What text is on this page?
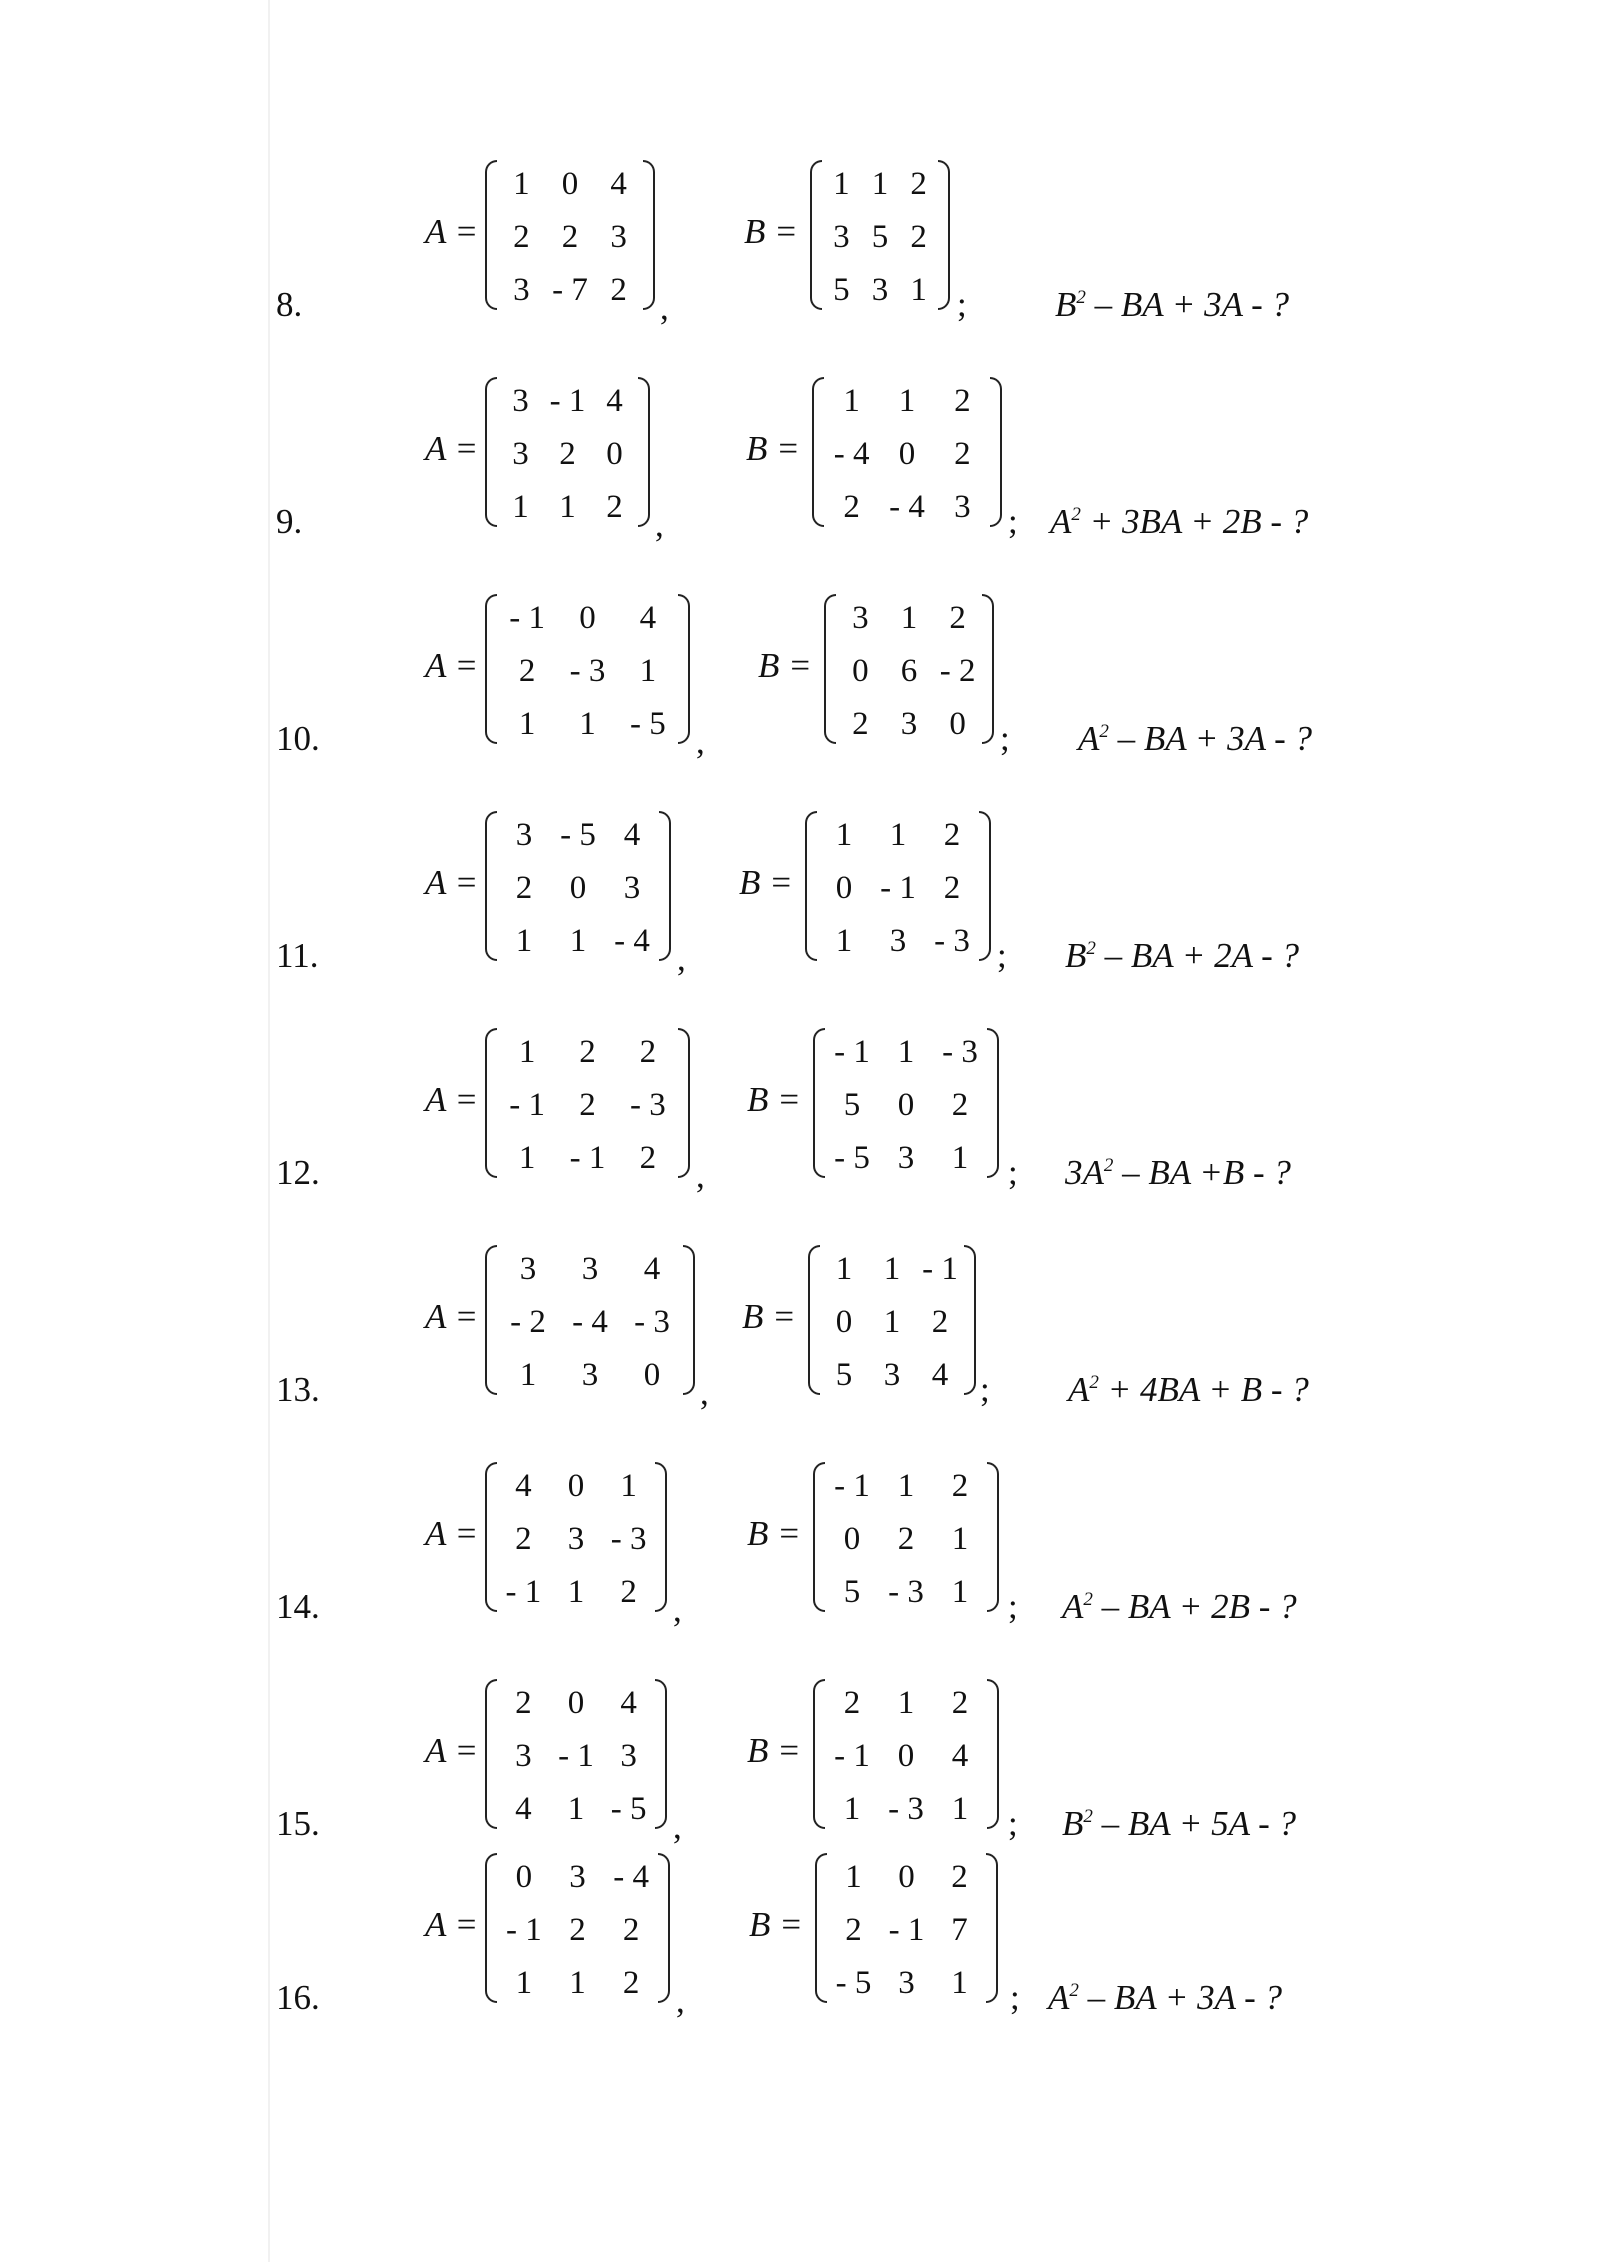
8.
A =
1 0 4
2 2 3
3 - 7 2 ,
B =
1 1 2
3 5 2
5 3 1 ;	$B^2$ – BA + 3A - ?
9.
A =
3 - 1 4
3 2 0
1 1 2 ,
B =
1	1	2
- 4 0	2
2 - 4 3	; $A^2 + 3BA + 2B$ - ?
10.
A =
- 1	0	4
2	- 3	1
1	1	- 5 ,
B =
3 1 2
0 6 - 2
2 3 0 ; $A^2$ – BA + 3A - ?
11.
A =
3 - 5 4
2	0	3
1	1 - 4 ,
B =
1	1	2
0 - 1 2
1	3 - 3 ; $B^2$ – BA + 2A - ?
12.
A =
1	2	2
- 1	2	- 3
1	- 1	2	,
B =
- 1 1 - 3
5	0	2
- 5 3	1	; $3A^2$ – BA +B - ?
13.
A =
3	3	4
- 2 - 4 - 3
1	3	0	,
B =
1 1 - 1
0 1 2
5 3 4 ; $A^2 + 4BA + B$ - ?
14.
A =
4	0	1
2	3 - 3
- 1 1	2	,
B =
- 1 1	2
0	2	1
5 - 3 1	; $A^2$ – BA + 2B - ?
15.
A =
2	0	4
3 - 1 3
4	1 - 5 ,
B =
2	1	2
- 1 0	4
1 - 3 1	; $B^2$ – BA + 5A - ?
16.
A =
0	3 - 4
- 1 2	2
1	1	2	,
B =
1	0	2
2 - 1 7
- 5 3	1	; $A^2$ – BA + 3A - ?
